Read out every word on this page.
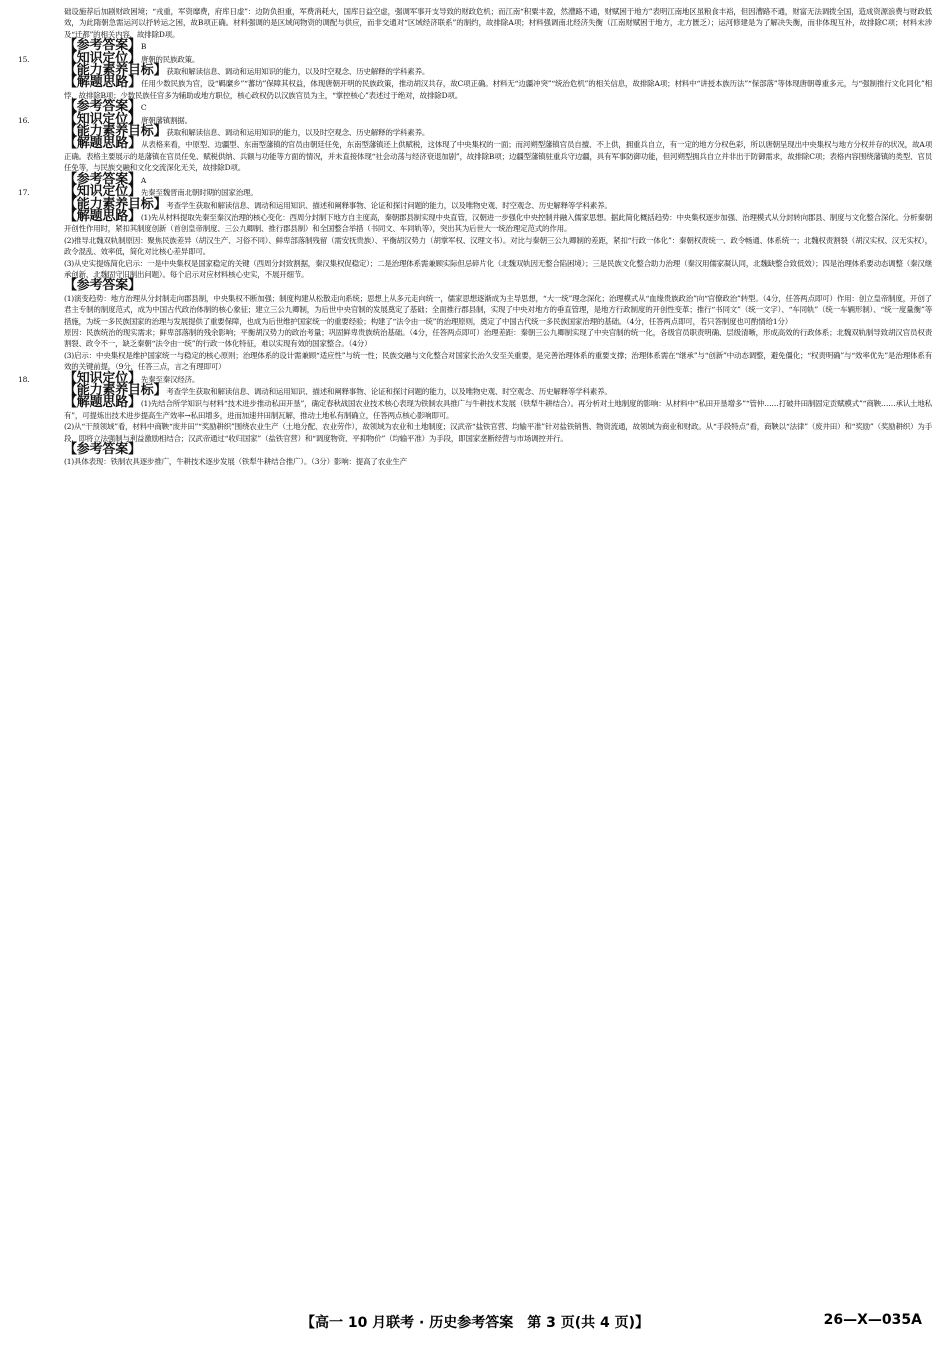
础设施荐后加剧财政困境；“戎重，军资靡费，府库日虚”：边防负担重，军费消耗大，国库日益空虚，强调军事开支导致的财政危机；而江南“积粟丰盈，然漕路不通，财赋困于地方”表明江南地区虽粮食丰裕，但因漕路不通，财富无法调拨全国，造成资源浪费与财政低效，为此隋朝急需运河以抒转运之困，故B项正确。材料强调的是区域间物资的调配与供应，而非交通对“区域经济联系”的制约，故排除A项；材料强调南北经济失衡（江南财赋困于地方，北方匮乏）；运河修建是为了解决失衡，而非体现互补，故排除C项；材料未涉及“迁都”的相关内容，故排除D项。

【参考答案】B

15.	【知识定位】唐朝的民族政策。

【能力素养目标】获取和解读信息、调动和运用知识的能力，以及时空观念、历史解释的学科素养。

【解题思路】任用少数民族为官，设“羁縻乡”“蕃坊”保障其权益，体现唐朝开明的民族政策，推动胡汉共存，故C项正确。材料无“边疆冲突”“统治危机”的相关信息，故排除A项；材料中“讲授本族历法”“保部落”等体现唐朝尊重多元，与“强制推行文化同化”相悖，故排除B项；少数民族任官多为辅助或地方职位，核心政权仍以汉族官员为主，“掌控核心”表述过于绝对，故排除D项。

【参考答案】C

16.	【知识定位】唐朝藩镇割据。

【能力素养目标】获取和解读信息、调动和运用知识的能力，以及时空观念、历史解释的学科素养。

【解题思路】从表格来看，中原型、边疆型、东南型藩镇的官员由朝廷任免，东南型藩镇还上供赋税，这体现了中央集权的一面；而河朔型藩镇官员自擅、不上供，拥重兵自立，有一定的地方分权色彩，所以唐朝呈现出中央集权与地方分权并存的状况，故A项正确。表格主要展示的是藩镇在官员任免、赋税供纳、兵额与功能等方面的情况，并未直接体现“社会动荡与经济衰退加剧”，故排除B项；边疆型藩镇驻重兵守边疆，具有军事防御功能，但河朔型拥兵自立并非出于防御需求，故排除C项；表格内容围绕藩镇的类型、官员任免等，与民族交融和文化交流深化无关，故排除D项。

【参考答案】A

17.	【知识定位】先秦至魏晋南北朝时期的国家治理。

【能力素养目标】考查学生获取和解读信息、调动和运用知识、描述和阐释事物、论证和探讨问题的能力，以及唯物史观、时空观念、历史解释等学科素养。

【解题思路】(1)先从材料提取先秦至秦汉治理的核心变化：西周分封制下地方自主度高，秦朝郡县制实现中央直管，汉朝进一步强化中央控制并融入儒家思想。据此简化概括趋势：中央集权逐步加强、治理模式从分封转向郡县、制度与文化整合深化。分析秦朝开创性作用时，紧扣其制度创新（首创皇帝制度、三公九卿制、推行郡县制）和全国整合举措（书同文、车同轨等），突出其为后世大一统治理定范式的作用。

(2)推导北魏双轨制原因：聚焦民族差异（胡汉生产、习俗不同）、鲜卑部落制残留（需安抚贵族）、平衡胡汉势力（胡掌军权、汉理文书）。对比与秦朝三公九卿制的差距，紧扣“行政一体化”：秦朝权责统一、政令畅通、体系统一；北魏权责割裂（胡汉实权、汉无实权），政令混乱、效率低，简化对比核心差异即可。

(3)从史实提炼简化启示：一是中央集权是国家稳定的关键（西周分封致割据，秦汉集权促稳定）；二是治理体系需兼顾实际但忌碎片化（北魏双轨因无整合陷困境）；三是民族文化整合助力治理（秦汉用儒家凝认同，北魏缺整合致低效）；四是治理体系要动态调整（秦汉继承创新，北魏固守旧制出问题）。每个启示对应材料核心史实，不展开细节。

【参考答案】

(1)演变趋势：地方治理从分封制走向郡县制，中央集权不断加强；制度构建从松散走向系统；思想上从多元走向统一，儒家思想逐渐成为主导思想，“大一统”理念深化；治理模式从“血缘贵族政治”向“官僚政治”转型。（4分，任答两点即可）作用：创立皇帝制度，开创了君主专制的制度范式，成为中国古代政治体制的核心象征；建立三公九卿制，为后世中央官制的发展奠定了基础；全面推行郡县制，实现了中央对地方的垂直管理，是地方行政制度的开创性变革；推行“书同文”（统一文字）、“车同轨”（统一车辆形制）、“统一度量衡”等措施，为统一多民族国家的治理与发展提供了重要保障，也成为后世维护国家统一的重要经验；构建了“法令由一统”的治理原则，奠定了中国古代统一多民族国家治理的基础。（4分，任答两点即可，若只答制度也可酌情给1分）

原因：民族统治的现实需求；鲜卑部落制的残余影响；平衡胡汉势力的政治考量；巩固鲜卑贵族统治基础。（4分，任答两点即可）治理差距：秦朝三公九卿制实现了中央官制的统一化，各级官员职责明确、层级清晰，形成高效的行政体系；北魏双轨制导致胡汉官员权责割裂、政令不一，缺乏秦朝“法令由一统”的行政一体化特征，难以实现有效的国家整合。（4分）

(3)启示：中央集权是维护国家统一与稳定的核心原则；治理体系的设计需兼顾“适应性”与统一性；民族交融与文化整合对国家长治久安至关重要，是完善治理体系的重要支撑；治理体系需在“继承”与“创新”中动态调整，避免僵化；“权责明确”与“效率优先”是治理体系有效的关键前提。（9分，任答三点，言之有理即可）

18.	【知识定位】先秦至秦汉经济。

【能力素养目标】考查学生获取和解读信息、调动和运用知识、描述和阐释事物、论证和探讨问题的能力，以及唯物史观、时空观念、历史解释等学科素养。

【解题思路】(1)先结合所学知识与材料“技术进步推动私田开垦”，确定春秋战国农业技术核心表现为铁制农具推广与牛耕技术发展（铁犁牛耕结合）。再分析对土地制度的影响：从材料中“私田开垦增多”“管仲……打破井田制固定贡赋模式”“商鞅……承认土地私有”，可提炼出技术进步提高生产效率→私田增多，进而加速井田制瓦解，推动土地私有制确立，任答两点核心影响即可。

(2)从“干预领域”看，材料中商鞅“废井田”“奖励耕织”围绕农业生产（土地分配、农业劳作），故领域为农业和土地制度；汉武帝“盐铁官营、均输平准”针对盐铁销售、物资流通，故领域为商业和财政。从“手段特点”看，商鞅以“法律”（废井田）和“奖励”（奖励耕织）为手段，即将立法强制与利益激励相结合；汉武帝通过“收归国家”（盐铁官营）和“调度物资、平抑物价”（均输平准）为手段，即国家垄断经营与市场调控并行。

【参考答案】

(1)具体表现：铁制农具逐步推广，牛耕技术逐步发展（铁犁牛耕结合推广）。（3分）影响：提高了农业生产

【高一 10 月联考 · 历史参考答案　第 3 页(共 4 页)】	26—X—035A
